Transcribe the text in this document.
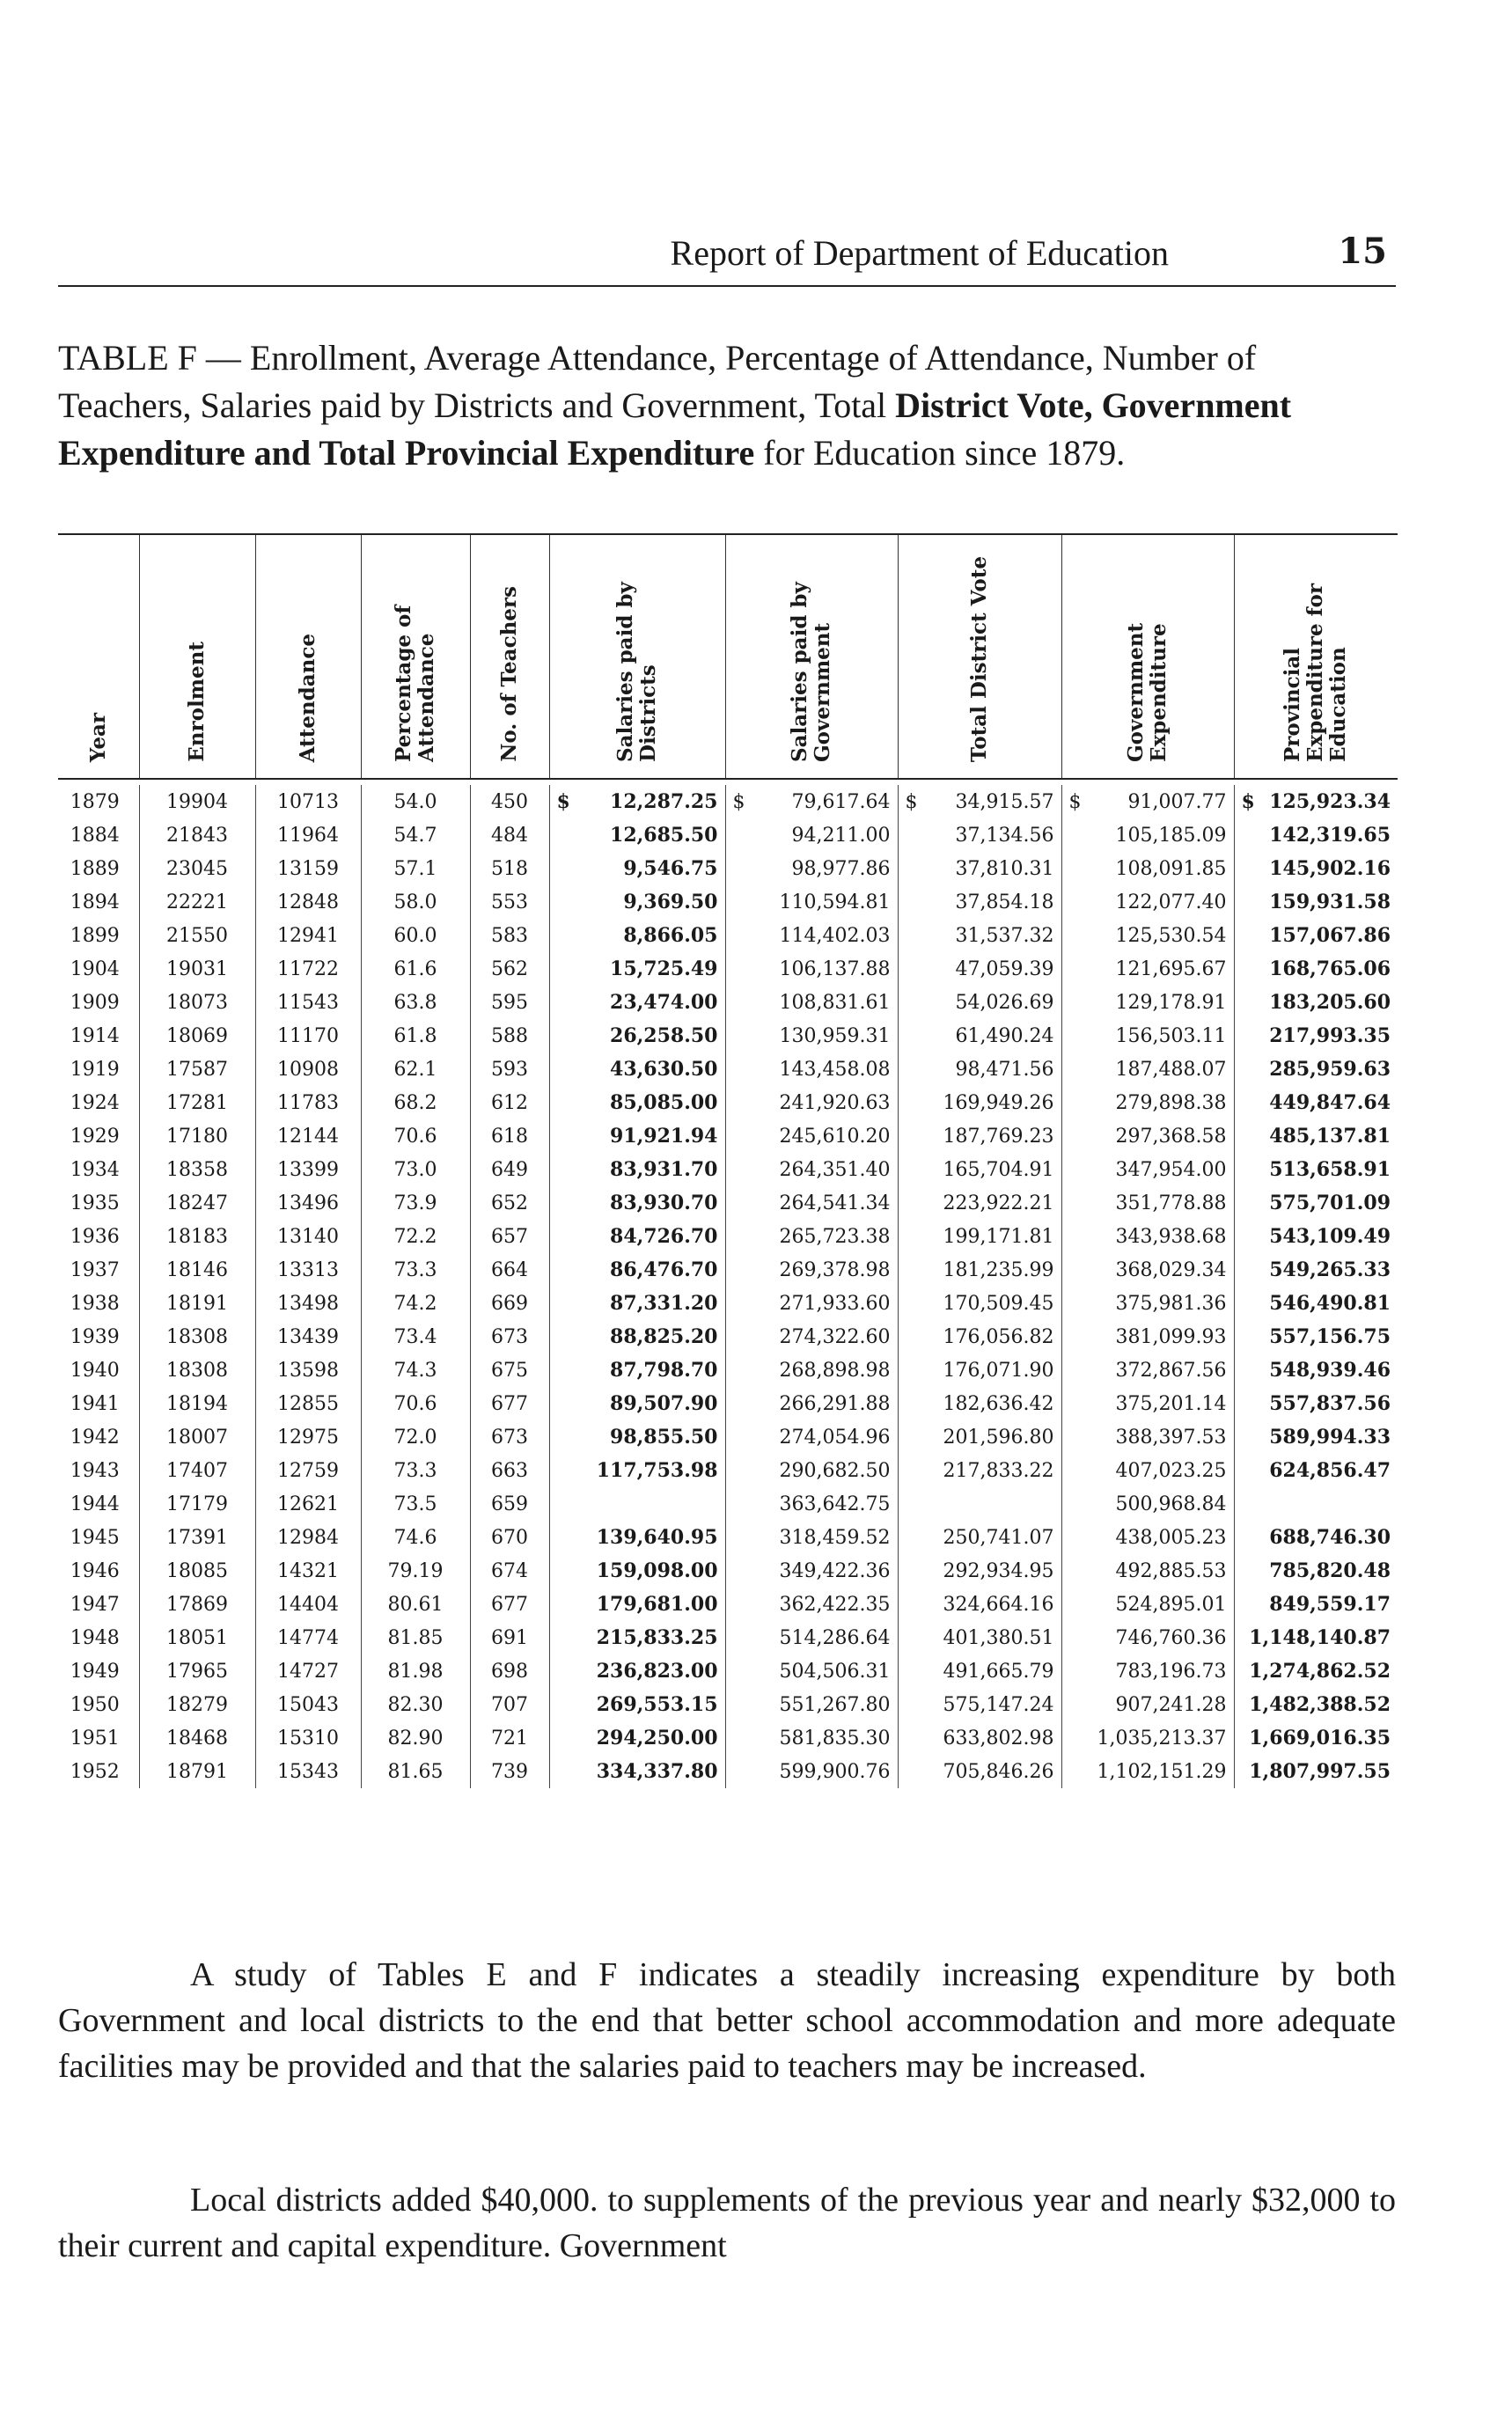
Report of Department of Education	15
TABLE F — Enrollment, Average Attendance, Percentage of Attendance, Number of Teachers, Salaries paid by Districts and Government, Total District Vote, Government Expenditure and Total Provincial Expenditure for Education since 1879.
Year	Enrolment	Attendance	Percentage of Attendance	No. of Teachers	Salaries paid by Districts	Salaries paid by Government	Total District Vote	Government Expenditure	Provincial Expenditure for Education

1879	19904	10713	54.0	450	$ 12,287.25	$ 79,617.64	$ 34,915.57	$ 91,007.77	$ 125,923.34
1884	21843	11964	54.7	484	12,685.50	94,211.00	37,134.56	105,185.09	142,319.65
1889	23045	13159	57.1	518	9,546.75	98,977.86	37,810.31	108,091.85	145,902.16
1894	22221	12848	58.0	553	9,369.50	110,594.81	37,854.18	122,077.40	159,931.58
1899	21550	12941	60.0	583	8,866.05	114,402.03	31,537.32	125,530.54	157,067.86
1904	19031	11722	61.6	562	15,725.49	106,137.88	47,059.39	121,695.67	168,765.06
1909	18073	11543	63.8	595	23,474.00	108,831.61	54,026.69	129,178.91	183,205.60
1914	18069	11170	61.8	588	26,258.50	130,959.31	61,490.24	156,503.11	217,993.35
1919	17587	10908	62.1	593	43,630.50	143,458.08	98,471.56	187,488.07	285,959.63
1924	17281	11783	68.2	612	85,085.00	241,920.63	169,949.26	279,898.38	449,847.64
1929	17180	12144	70.6	618	91,921.94	245,610.20	187,769.23	297,368.58	485,137.81
1934	18358	13399	73.0	649	83,931.70	264,351.40	165,704.91	347,954.00	513,658.91
1935	18247	13496	73.9	652	83,930.70	264,541.34	223,922.21	351,778.88	575,701.09
1936	18183	13140	72.2	657	84,726.70	265,723.38	199,171.81	343,938.68	543,109.49
1937	18146	13313	73.3	664	86,476.70	269,378.98	181,235.99	368,029.34	549,265.33
1938	18191	13498	74.2	669	87,331.20	271,933.60	170,509.45	375,981.36	546,490.81
1939	18308	13439	73.4	673	88,825.20	274,322.60	176,056.82	381,099.93	557,156.75
1940	18308	13598	74.3	675	87,798.70	268,898.98	176,071.90	372,867.56	548,939.46
1941	18194	12855	70.6	677	89,507.90	266,291.88	182,636.42	375,201.14	557,837.56
1942	18007	12975	72.0	673	98,855.50	274,054.96	201,596.80	388,397.53	589,994.33
1943	17407	12759	73.3	663	117,753.98	290,682.50	217,833.22	407,023.25	624,856.47
1944	17179	12621	73.5	659		363,642.75		500,968.84	
1945	17391	12984	74.6	670	139,640.95	318,459.52	250,741.07	438,005.23	688,746.30
1946	18085	14321	79.19	674	159,098.00	349,422.36	292,934.95	492,885.53	785,820.48
1947	17869	14404	80.61	677	179,681.00	362,422.35	324,664.16	524,895.01	849,559.17
1948	18051	14774	81.85	691	215,833.25	514,286.64	401,380.51	746,760.36	1,148,140.87
1949	17965	14727	81.98	698	236,823.00	504,506.31	491,665.79	783,196.73	1,274,862.52
1950	18279	15043	82.30	707	269,553.15	551,267.80	575,147.24	907,241.28	1,482,388.52
1951	18468	15310	82.90	721	294,250.00	581,835.30	633,802.98	1,035,213.37	1,669,016.35
1952	18791	15343	81.65	739	334,337.80	599,900.76	705,846.26	1,102,151.29	1,807,997.55
A study of Tables E and F indicates a steadily increasing expenditure by both Government and local districts to the end that better school accommodation and more adequate facilities may be provided and that the salaries paid to teachers may be increased.
Local districts added $40,000. to supplements of the previous year and nearly $32,000 to their current and capital expenditure. Government
